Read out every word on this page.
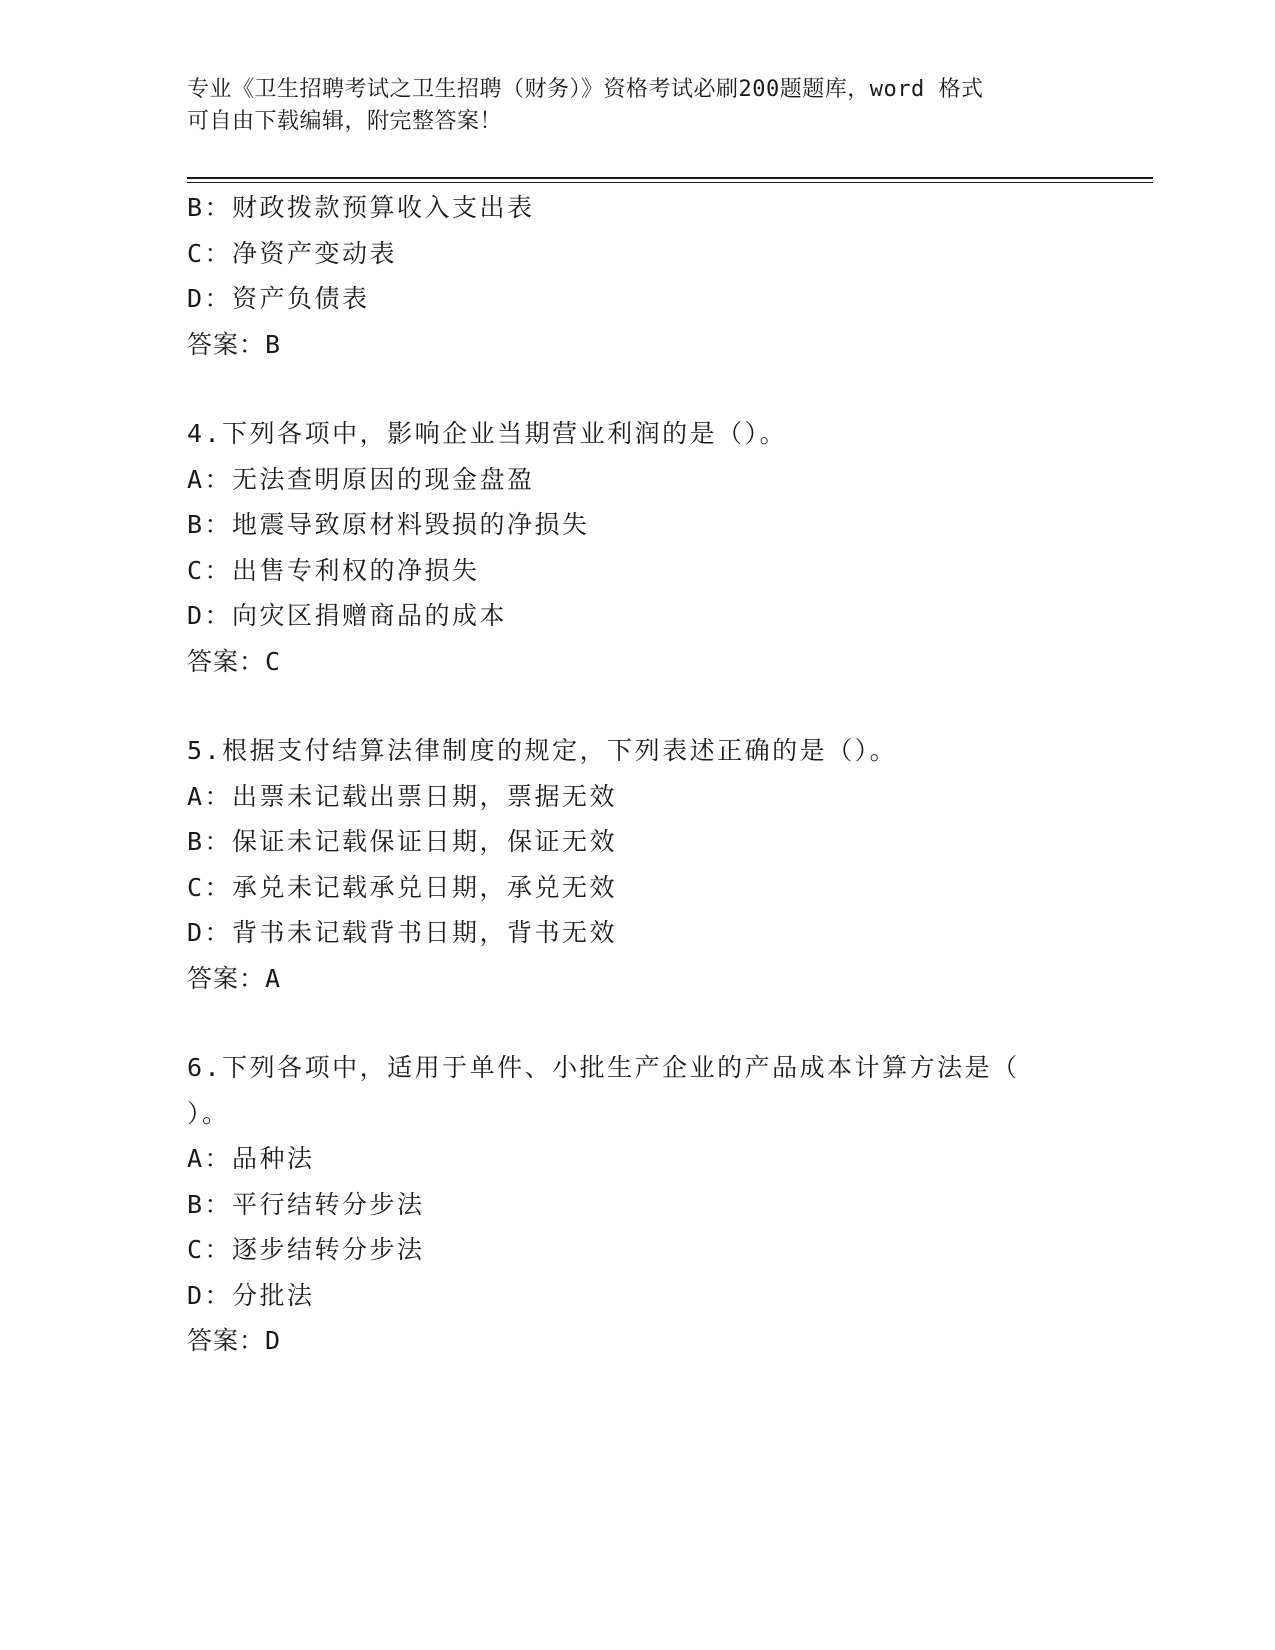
专业《卫生招聘考试之卫生招聘（财务）》资格考试必刷200题题库，word 格式
可自由下载编辑，附完整答案！
B：财政拨款预算收入支出表
C：净资产变动表
D：资产负债表
答案：B
4.下列各项中，影响企业当期营业利润的是（）。
A：无法查明原因的现金盘盈
B：地震导致原材料毁损的净损失
C：出售专利权的净损失
D：向灾区捐赠商品的成本
答案：C
5.根据支付结算法律制度的规定，下列表述正确的是（）。
A：出票未记载出票日期，票据无效
B：保证未记载保证日期，保证无效
C：承兑未记载承兑日期，承兑无效
D：背书未记载背书日期，背书无效
答案：A
6.下列各项中，适用于单件、小批生产企业的产品成本计算方法是（
）。
A：品种法
B：平行结转分步法
C：逐步结转分步法
D：分批法
答案：D
